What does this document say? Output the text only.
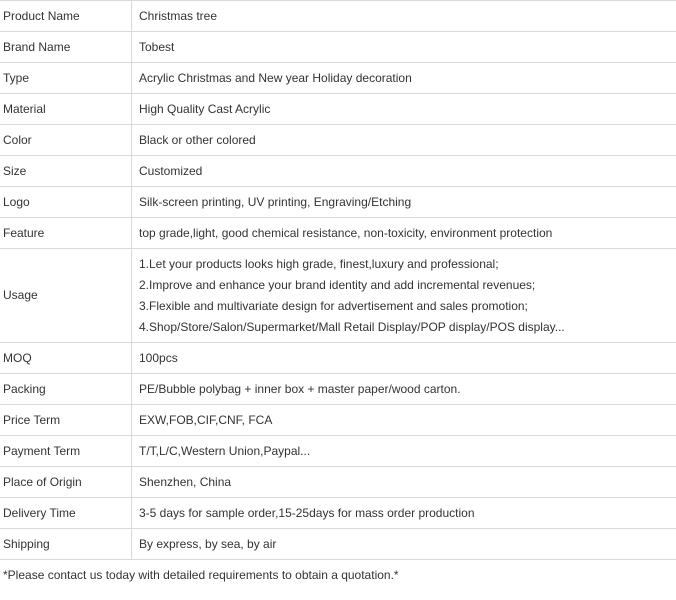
Product Name	Christmas tree
Brand Name	Tobest
Type	Acrylic Christmas and New year Holiday decoration
Material	High Quality Cast Acrylic
Color	Black or other colored
Size	Customized
Logo	Silk-screen printing, UV printing, Engraving/Etching
Feature	top grade,light, good chemical resistance, non-toxicity, environment protection
Usage	1.Let your products looks high grade, finest,luxury and professional;
2.Improve and enhance your brand identity and add incremental revenues;
3.Flexible and multivariate design for advertisement and sales promotion;
4.Shop/Store/Salon/Supermarket/Mall Retail Display/POP display/POS display...

MOQ	100pcs
Packing	PE/Bubble polybag + inner box + master paper/wood carton.
Price Term	EXW,FOB,CIF,CNF, FCA
Payment Term	T/T,L/C,Western Union,Paypal...
Place of Origin	Shenzhen, China
Delivery Time	3-5 days for sample order,15-25days for mass order production
Shipping	By express, by sea, by air
*Please contact us today with detailed requirements to obtain a quotation.*
